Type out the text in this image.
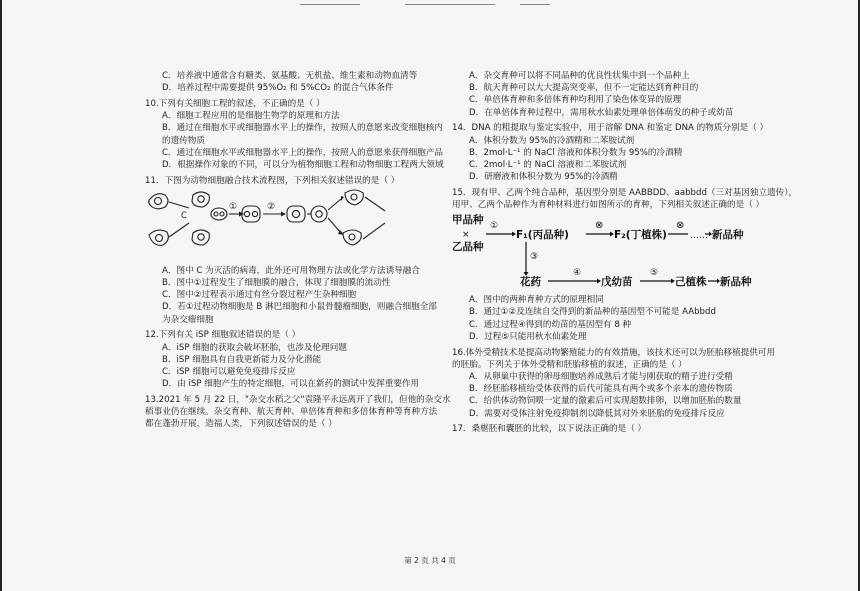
C．培养液中通常含有糖类、氨基酸、无机盐、维生素和动物血清等
D．培养过程中需要提供 95%O₂ 和 5%CO₂ 的混合气体条件
10.下列有关细胞工程的叙述，不正确的是（ ）
A．细胞工程应用的是细胞生物学的原理和方法
B．通过在细胞水平或细胞器水平上的操作，按照人的意愿来改变细胞核内
的遗传物质
C．通过在细胞水平或细胞器水平上的操作，按照人的意愿来获得细胞产品
D．根据操作对象的不同，可以分为植物细胞工程和动物细胞工程两大领域
11．下图为动物细胞融合技术流程图，下列相关叙述错误的是（ ）
C
①	②
A．图中 C 为灭活的病毒，此外还可用物理方法或化学方法诱导融合
B．图中①过程发生了细胞膜的融合，体现了细胞膜的流动性
C．图中②过程表示通过有丝分裂过程产生杂种细胞
D．若①过程动物细胞是 B 淋巴细胞和小鼠骨髓瘤细胞，则融合细胞全部
为杂交瘤细胞
12.下列有关 iSP 细胞叙述错误的是（ ）
A．iSP 细胞的获取会破坏胚胎，也涉及伦理问题
B．iSP 细胞具有自我更新能力及分化潜能
C．iSP 细胞可以避免免疫排斥反应
D．由 iSP 细胞产生的特定细胞，可以在新药的测试中发挥重要作用
13.2021 年 5 月 22 日，"杂交水稻之父"袁隆平永远离开了我们，但他的杂交水
稻事业仍在继续。杂交育种、航天育种、单倍体育种和多倍体育种等育种方法
都在蓬勃开展，造福人类，下列叙述错误的是（ ）
A．杂交育种可以将不同品种的优良性状集中到一个品种上
B．航天育种可以大大提高突变率，但不一定能达到育种目的
C．单倍体育种和多倍体育种均利用了染色体变异的原理
D．在单倍体育种过程中，需用秋水仙素处理单倍体萌发的种子或幼苗
14．DNA 的粗提取与鉴定实验中，用于溶解 DNA 和鉴定 DNA 的物质分别是（ ）
A．体积分数为 95%的冷酒精和二苯胺试剂
B．2mol·L⁻¹ 的 NaCl 溶液和体积分数为 95%的冷酒精
C．2mol·L⁻¹ 的 NaCl 溶液和二苯胺试剂
D．研磨液和体积分数为 95%的冷酒精
15．现有甲、乙两个纯合品种，基因型分别是 AABBDD、aabbdd（三对基因独立遗传），
用甲、乙两个品种作为育种材料进行如图所示的育种，下列相关叙述正确的是（ ）
甲品种
×
乙品种
①
F₁(丙品种)
⊗
F₂(丁植株)
⊗
…… 新品种
③
花药
④
戊幼苗
⑤
己植株 新品种
A．图中的两种育种方式的原理相同
B．通过①②及连续自交得到的新品种的基因型不可能是 AAbbdd
C．通过过程④得到的幼苗的基因型有 8 种
D．过程⑤只能用秋水仙素处理
16.体外受精技术是提高动物繁殖能力的有效措施，该技术还可以为胚胎移植提供可用
的胚胎。下列关于体外受精和胚胎移植的叙述，正确的是（ ）
A．从卵巢中获得的卵母细胞培养成熟后才能与刚获取的精子进行受精
B．经胚胎移植给受体获得的后代可能具有两个或多个亲本的遗传物质
C．给供体动物饲喂一定量的激素后可实现超数排卵，以增加胚胎的数量
D．需要对受体注射免疫抑制剂以降低其对外来胚胎的免疫排斥反应
17．桑椹胚和囊胚的比较，以下说法正确的是（ ）
第 2 页 共 4 页
